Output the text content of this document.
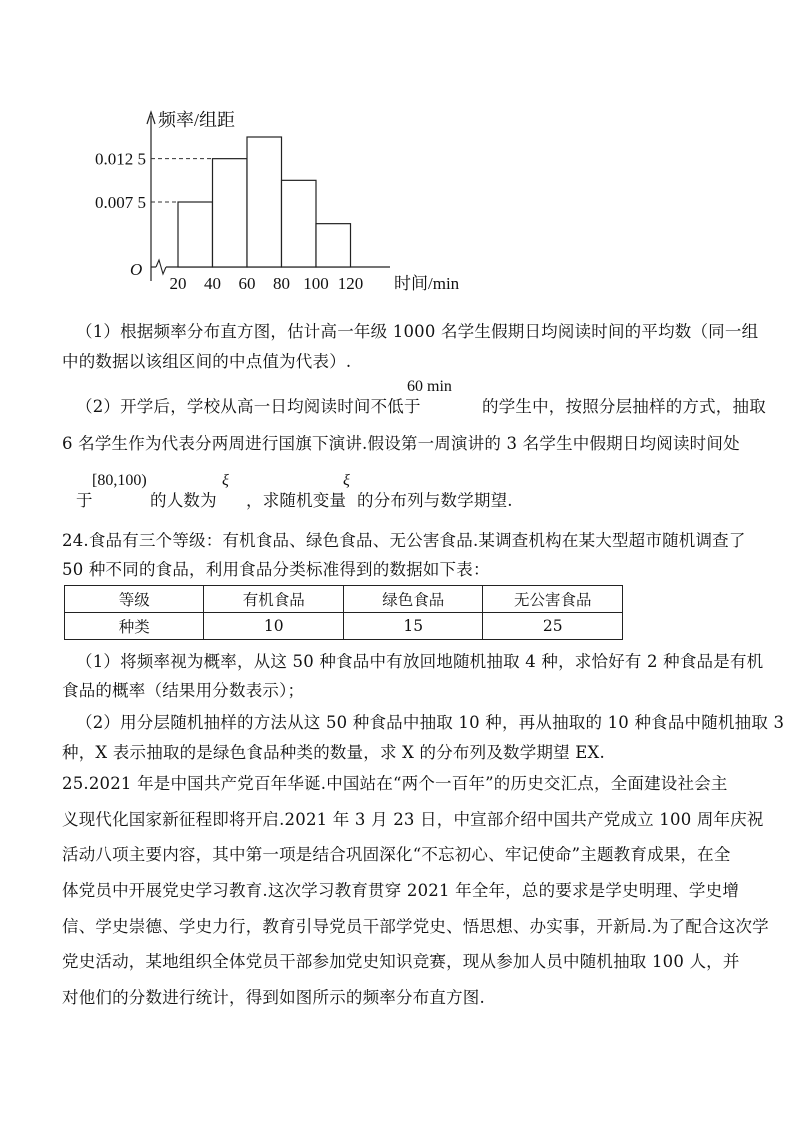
0.012 5
0.007 5
20 40 60 80 100 120
频率/组距
时间/min
O
（1）根据频率分布直方图，估计高一年级 1000 名学生假期日均阅读时间的平均数（同一组
中的数据以该组区间的中点值为代表）.
（2）开学后，学校从高一日均阅读时间不低于
60 min
的学生中，按照分层抽样的方式，抽取
6 名学生作为代表分两周进行国旗下演讲.假设第一周演讲的 3 名学生中假期日均阅读时间处
于
[80,100)
的人数为
ξ
，求随机变量
ξ
的分布列与数学期望.
24.食品有三个等级：有机食品、绿色食品、无公害食品.某调查机构在某大型超市随机调查了
50 种不同的食品，利用食品分类标准得到的数据如下表：
等级	有机食品	绿色食品	无公害食品
种类	10	15	25
（1）将频率视为概率，从这 50 种食品中有放回地随机抽取 4 种，求恰好有 2 种食品是有机
食品的概率（结果用分数表示）；
（2）用分层随机抽样的方法从这 50 种食品中抽取 10 种，再从抽取的 10 种食品中随机抽取 3
种，X 表示抽取的是绿色食品种类的数量，求 X 的分布列及数学期望 EX.
25.2021 年是中国共产党百年华诞.中国站在“两个一百年”的历史交汇点，全面建设社会主
义现代化国家新征程即将开启.2021 年 3 月 23 日，中宣部介绍中国共产党成立 100 周年庆祝
活动八项主要内容，其中第一项是结合巩固深化“不忘初心、牢记使命”主题教育成果，在全
体党员中开展党史学习教育.这次学习教育贯穿 2021 年全年，总的要求是学史明理、学史增
信、学史崇德、学史力行，教育引导党员干部学党史、悟思想、办实事，开新局.为了配合这次学
党史活动，某地组织全体党员干部参加党史知识竞赛，现从参加人员中随机抽取 100 人，并
对他们的分数进行统计，得到如图所示的频率分布直方图.
